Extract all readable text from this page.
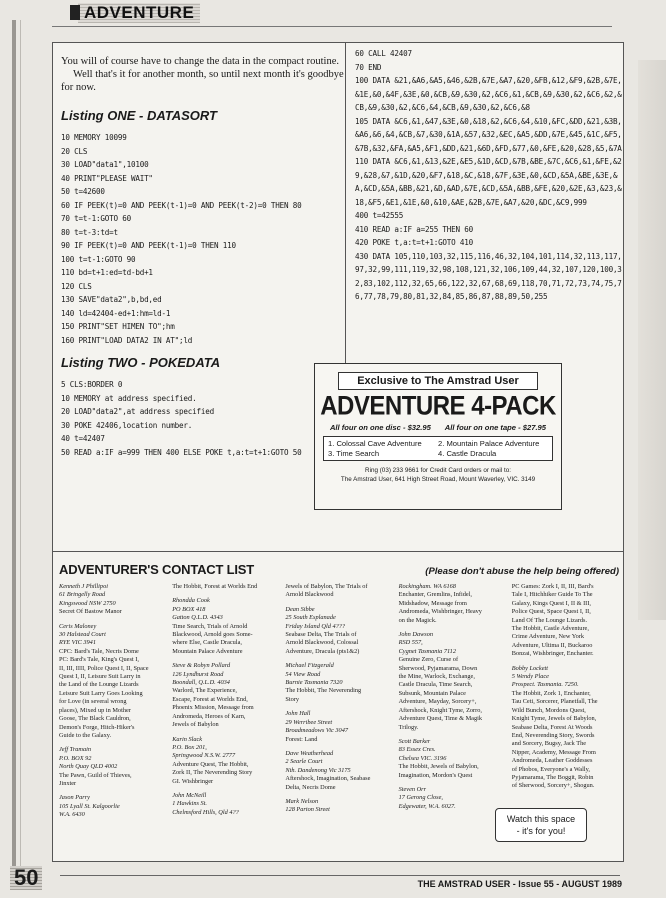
ADVENTURE

You will of course have to change the data in the compact routine.

Well that's it for another month, so until next month it's goodbye for now.

Listing ONE - DATASORT
10 MEMORY 10099
20 CLS
30 LOAD"data1",10100
40 PRINT"PLEASE WAIT"
50 t=42600
60 IF PEEK(t)=0 AND PEEK(t-1)=0 AND PEEK(t-2)=0 THEN 80
70 t=t-1:GOTO 60
80 t=t-3:td=t
90 IF PEEK(t)=0 AND PEEK(t-1)=0 THEN 110
100 t=t-1:GOTO 90
110 bd=t+1:ed=td-bd+1
120 CLS
130 SAVE"data2",b,bd,ed
140 ld=42404-ed+1:hm=ld-1
150 PRINT"SET HIMEN TO";hm
160 PRINT"LOAD DATA2 IN AT";ld
Listing TWO - POKEDATA
5 CLS:BORDER 0
10 MEMORY at address specified.
20 LOAD"data2",at address specified
30 POKE 42406,location number.
40 t=42407
50 READ a:IF a=999 THEN 400 ELSE POKE t,a:t=t+1:GOTO 50
60 CALL 42407
70 END
100 DATA &21,&A6,&A5,&46,&2B,&7E,&A7,&20,&FB,&12,&F9,&2B,&7E,&1E,&0,&4F,&3E,&0,&CB,&9,&30,&2,&C6,&1,&CB,&9,&30,&2,&C6,&2,&CB,&9,&30,&2,&C6,&4,&CB,&9,&30,&2,&C6,&8
105 DATA &C6,&1,&47,&3E,&0,&18,&2,&C6,&4,&10,&FC,&DD,&21,&3B,&A6,&6,&4,&CB,&7,&30,&1A,&57,&32,&EC,&A5,&DD,&7E,&45,&1C,&F5,&7B,&32,&FA,&A5,&F1,&DD,&21,&6D,&FD,&77,&0,&FE,&20,&28,&5,&7A
110 DATA &C6,&1,&13,&2E,&E5,&1D,&CD,&7B,&BE,&7C,&C6,&1,&FE,&29,&28,&7,&1D,&20,&F7,&18,&C,&18,&7F,&3E,&0,&CD,&5A,&BE,&3E,&A,&CD,&5A,&BB,&21,&D,&AD,&7E,&CD,&5A,&BB,&FE,&20,&2E,&3,&23,&18,&F5,&E1,&1E,&0,&10,&AE,&2B,&7E,&A7,&20,&DC,&C9,999
400 t=42555
410 READ a:IF a=255 THEN 60
420 POKE t,a:t=t+1:GOTO 410
430 DATA 105,110,103,32,115,116,46,32,104,101,114,32,113,117,97,32,99,111,119,32,98,108,121,32,106,109,44,32,107,120,100,32,83,102,112,32,65,66,122,32,67,68,69,118,70,71,72,73,74,75,76,77,78,79,80,81,32,84,85,86,87,88,89,50,255
Exclusive to The Amstrad User
ADVENTURE 4-PACK
All four on one disc - $32.95 All four on one tape - $27.95
1. Colossal Cave Adventure	2. Mountain Palace Adventure
3. Time Search	4. Castle Dracula
Ring (03) 233 9661 for Credit Card orders or mail to:
The Amstrad User, 641 High Street Road, Mount Waverley, VIC. 3149
ADVENTURER'S CONTACT LIST	(Please don't abuse the help being offered)
Kenneth J Phillipoi
61 Bringelly Road
Kingswood NSW 2750
Secret Of Bastow Manor
Ceris Maloney
30 Halstead Court
RYE VIC 3941
CPC: Bard's Tale, Necris Dome
PC: Bard's Tale, King's Quest I,
II, III, IIII, Police Quest I, II, Space
Quest I, II, Leisure Suit Larry in
the Land of the Lounge Lizards
Leisure Suit Larry Goes Looking
for Love (in several wrong
places), Mixed up in Mother
Goose, The Black Cauldron,
Demon's Forge, Hitch-Hiker's
Guide to the Galaxy.
Jeff Tramain
P.O. BOX 92
North Quay QLD 4002
The Pawn, Guild of Thieves,
Jinxter
Jason Parry
105 Lyall St. Kalgoorlie
W.A. 6430
The Hobbit, Forest at Worlds End
Rhondda Cook
PO BOX 418
Gatton Q.L.D. 4343
Time Search, Trials of Arnold
Blackwood, Arnold goes Some-
where Else, Castle Dracula,
Mountain Palace Adventure
Steve & Robyn Pollard
126 Lyndhurst Road
Boondall, Q.L.D. 4034
Warlord, The Experience,
Escape, Forest at Worlds End,
Phoenix Mission, Message from
Andromeda, Heroes of Karn,
Jewels of Babylon
Karin Slack
P.O. Box 201,
Springwood N.S.W. 2777
Adventure Quest, The Hobbit,
Zork II, The Neverending Story
GI. Wishbringer
John McNeill
1 Hawkins St.
Chelmsford Hills, Qld 4??
Jewels of Babylon, The Trials of
Arnold Blackwood
Dean Sibbe
25 South Esplanade
Friday Island Qld 4???
Seabase Delta, The Trials of
Arnold Blackwood, Colossal
Adventure, Dracula (pts1&2)
Michael Fitzgerald
54 View Road
Burnie Tasmania 7320
The Hobbit, The Neverending
Story
John Hall
29 Werribee Street
Broadmeadows Vic 3047
Forest: Land
Dave Weatherhead
2 Searle Court
Nth. Dandenong Vic 3175
Aftershock, Imagination, Seabase
Delta, Necris Dome
Mark Nelson
128 Parton Street
Rockingham. WA 6168
Enchanter, Gremlins, Infidel,
Midshadow, Message from
Andromeda, Wishbringer, Heavy
on the Magick.
John Dawson
RSD 557,
Cygnet Tasmania 7112
Genuine Zero, Curse of
Sherwood, Pyjamarama, Down
the Mine, Warlock, Exchange,
Castle Dracula, Time Search,
Subsunk, Mountain Palace
Adventure, Mayday, Sorcery+,
Aftershock, Knight Tyme, Zorro,
Adventure Quest, Time & Magik
Trilogy.
Scott Barker
83 Essex Cres.
Chelsea VIC. 3196
The Hobbit, Jewels of Babylon,
Imagination, Mordon's Quest
Steven Orr
17 Gerong Close,
Edgewater, W.A. 6027.
PC Games: Zork I, II, III, Bard's
Tale I, Hitchhiker Guide To The
Galaxy, Kings Quest I, II & III,
Police Quest, Space Quest I, II,
Land Of The Lounge Lizards.
The Hobbit, Castle Adventure,
Crime Adventure, New York
Adventure, Ultima II, Buckaroo
Bonzai, Wishbringer, Enchanter.
Bobby Lockett
5 Wendy Place
Prospect. Tasmania. 7250.
The Hobbit, Zork 1, Enchanter,
Tau Ceti, Sorcerer, Planetfall, The
Wild Bunch, Mordons Quest,
Knight Tyme, Jewels of Babylon,
Seabase Delta, Forest At Woods
End, Neverending Story, Swords
and Sorcery, Bugsy, Jack The
Nipper, Academy, Message From
Andromeda, Leather Goddesses
of Phobos, Everyone's a Wally,
Pyjamarama, The Boggit, Robin
of Sherwood, Sorcery+, Shogun.
Watch this space
- it's for you!
50	THE AMSTRAD USER - Issue 55 - AUGUST 1989
